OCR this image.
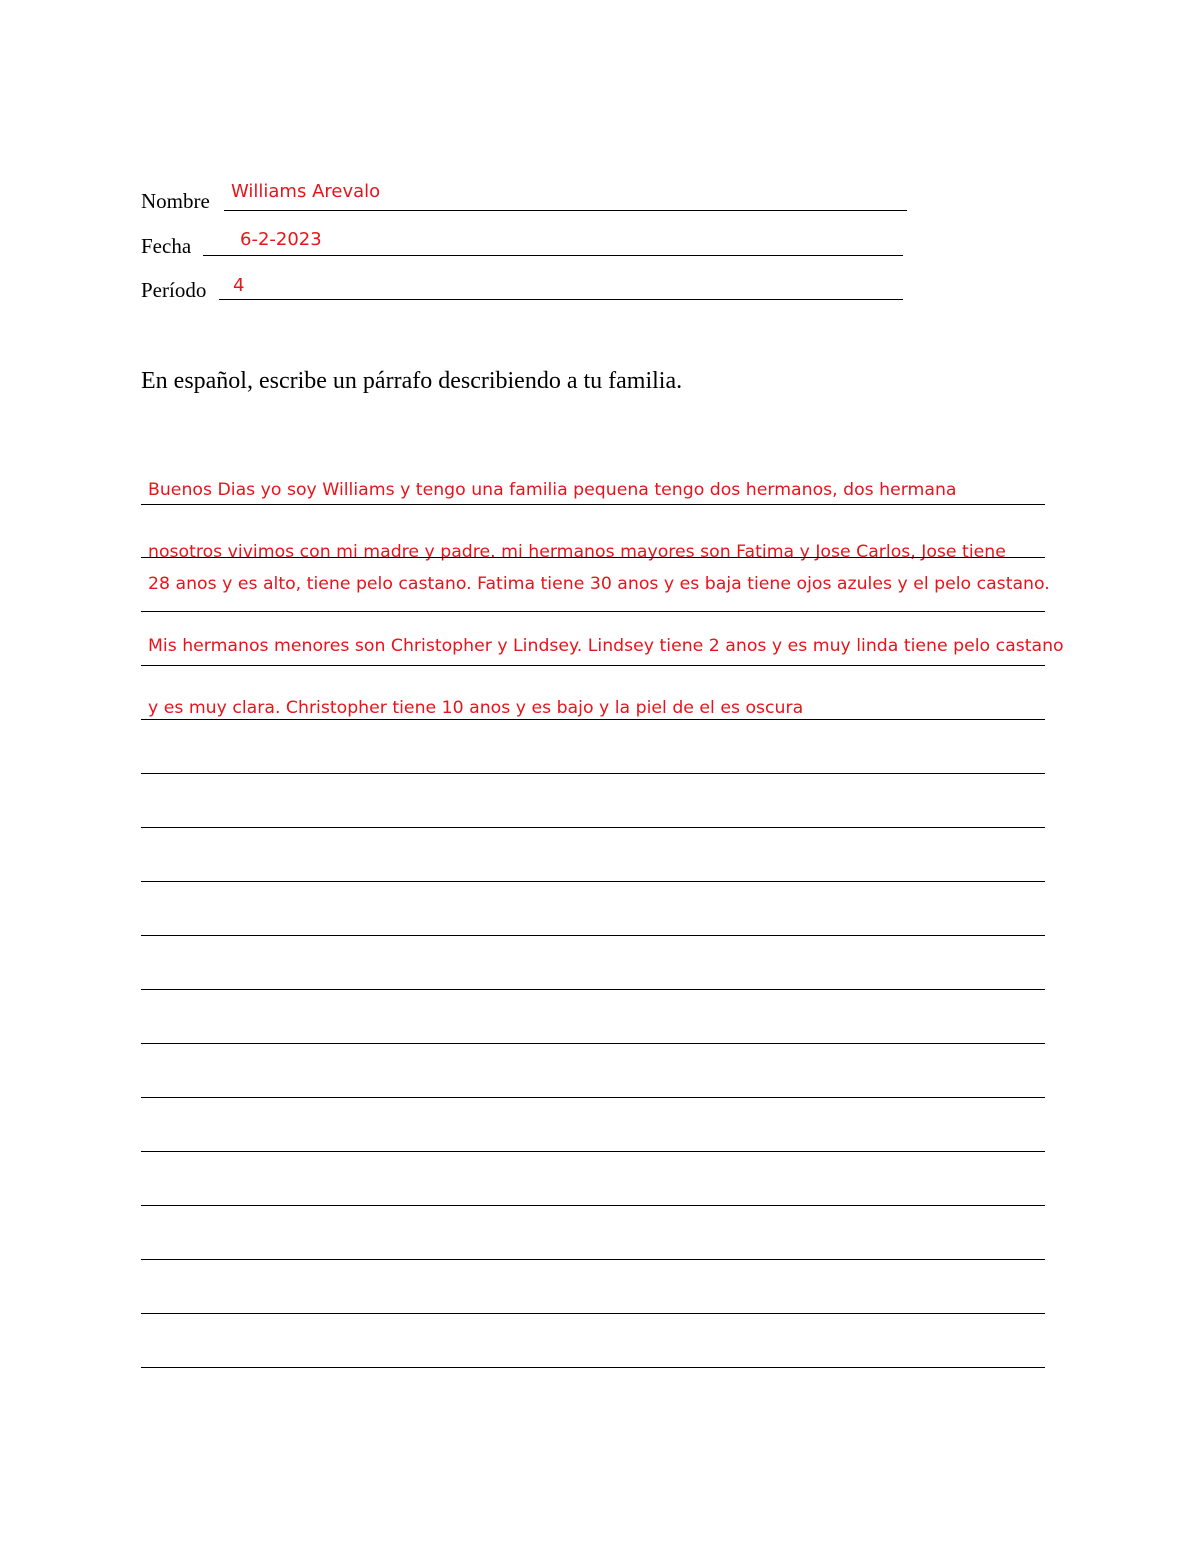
Nombre Williams Arevalo
Fecha	6-2-2023
Período 4
En español, escribe un párrafo describiendo a tu familia.
Buenos Dias yo soy Williams y tengo una familia pequena tengo dos hermanos, dos hermana
nosotros vivimos con mi madre y padre. mi hermanos mayores son Fatima y Jose Carlos, Jose tiene
28 anos y es alto, tiene pelo castano. Fatima tiene 30 anos y es baja tiene ojos azules y el pelo castano.
Mis hermanos menores son Christopher y Lindsey. Lindsey tiene 2 anos y es muy linda tiene pelo castano
y es muy clara. Christopher tiene 10 anos y es bajo y la piel de el es oscura
